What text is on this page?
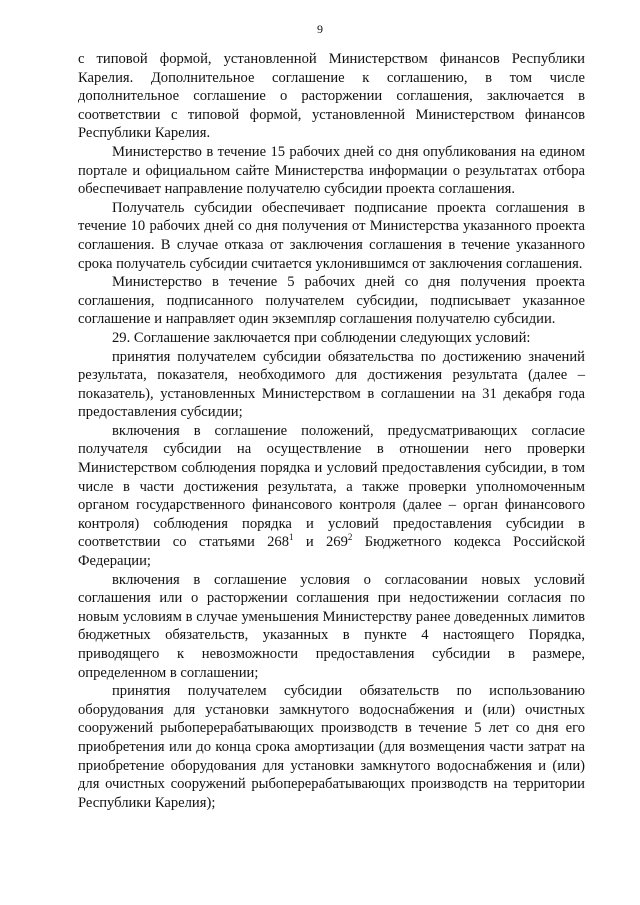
9

с типовой формой, установленной Министерством финансов Республики Карелия. Дополнительное соглашение к соглашению, в том числе дополнительное соглашение о расторжении соглашения, заключается в соответствии с типовой формой, установленной Министерством финансов Республики Карелия.

Министерство в течение 15 рабочих дней со дня опубликования на едином портале и официальном сайте Министерства информации о результатах отбора обеспечивает направление получателю субсидии проекта соглашения.

Получатель субсидии обеспечивает подписание проекта соглашения в течение 10 рабочих дней со дня получения от Министерства указанного проекта соглашения. В случае отказа от заключения соглашения в течение указанного срока получатель субсидии считается уклонившимся от заключения соглашения.

Министерство в течение 5 рабочих дней со дня получения проекта соглашения, подписанного получателем субсидии, подписывает указанное соглашение и направляет один экземпляр соглашения получателю субсидии.

29. Соглашение заключается при соблюдении следующих условий:

принятия получателем субсидии обязательства по достижению значений результата, показателя, необходимого для достижения результата (далее – показатель), установленных Министерством в соглашении на 31 декабря года предоставления субсидии;

включения в соглашение положений, предусматривающих согласие получателя субсидии на осуществление в отношении него проверки Министерством соблюдения порядка и условий предоставления субсидии, в том числе в части достижения результата, а также проверки уполномоченным органом государственного финансового контроля (далее – орган финансового контроля) соблюдения порядка и условий предоставления субсидии в соответствии со статьями $268^1$ и $269^2$ Бюджетного кодекса Российской Федерации;

включения в соглашение условия о согласовании новых условий соглашения или о расторжении соглашения при недостижении согласия по новым условиям в случае уменьшения Министерству ранее доведенных лимитов бюджетных обязательств, указанных в пункте 4 настоящего Порядка, приводящего к невозможности предоставления субсидии в размере, определенном в соглашении;

принятия получателем субсидии обязательств по использованию оборудования для установки замкнутого водоснабжения и (или) очистных сооружений рыбоперерабатывающих производств в течение 5 лет со дня его приобретения или до конца срока амортизации (для возмещения части затрат на приобретение оборудования для установки замкнутого водоснабжения и (или) для очистных сооружений рыбоперерабатывающих производств на территории Республики Карелия);
